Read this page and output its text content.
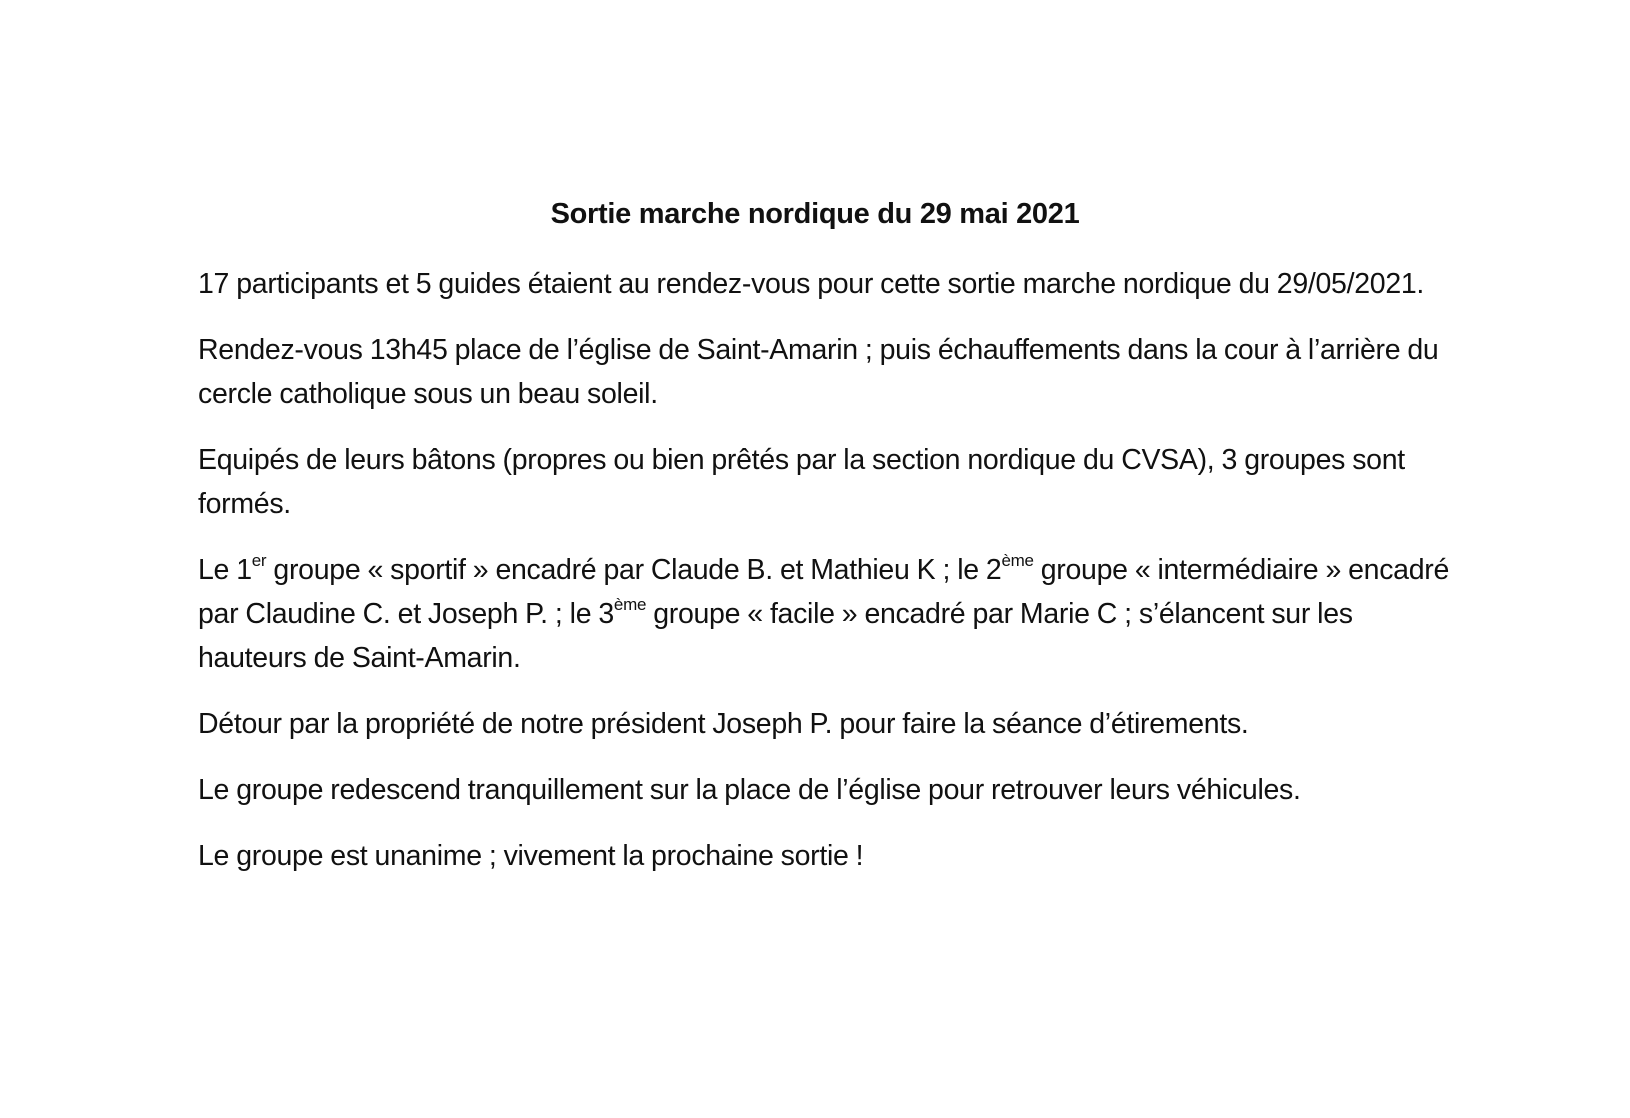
Sortie marche nordique du 29 mai 2021

17 participants et 5 guides étaient au rendez-vous pour cette sortie marche nordique du 29/05/2021.

Rendez-vous 13h45 place de l’église de Saint-Amarin ; puis échauffements dans la cour à l’arrière du cercle catholique sous un beau soleil.

Equipés de leurs bâtons (propres ou bien prêtés par la section nordique du CVSA), 3 groupes sont formés.

Le 1er groupe « sportif » encadré par Claude B. et Mathieu K ; le 2ème groupe « intermédiaire » encadré par Claudine C. et Joseph P. ; le 3ème groupe « facile » encadré par Marie C ; s’élancent sur les hauteurs de Saint-Amarin.

Détour par la propriété de notre président Joseph P. pour faire la séance d’étirements.

Le groupe redescend tranquillement sur la place de l’église pour retrouver leurs véhicules.

Le groupe est unanime ; vivement la prochaine sortie !
